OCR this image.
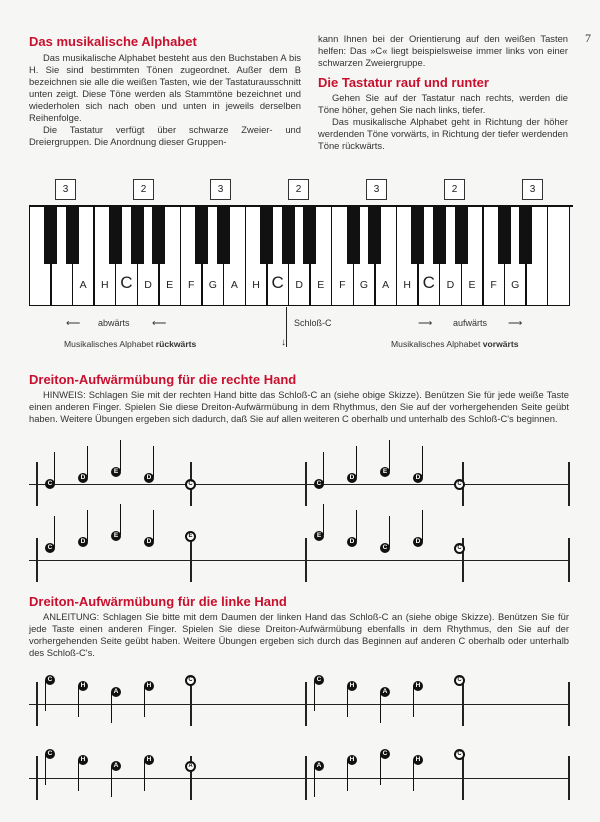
7
Das musikalische Alphabet

Das musikalische Alphabet besteht aus den Buchstaben A bis H. Sie sind bestimmten Tönen zugeordnet. Außer dem B bezeichnen sie alle die weißen Tasten, wie der Tastaturausschnitt unten zeigt. Diese Töne werden als Stammtöne bezeichnet und wiederholen sich nach oben und unten in jeweils derselben Reihenfolge.

Die Tastatur verfügt über schwarze Zweier- und Dreiergruppen. Die Anordnung dieser Gruppen-

kann Ihnen bei der Orientierung auf den weißen Tasten helfen: Das »C« liegt beispielsweise immer links von einer schwarzen Zweiergruppe.

Die Tastatur rauf und runter

Gehen Sie auf der Tastatur nach rechts, werden die Töne höher, gehen Sie nach links, tiefer.

Das musikalische Alphabet geht in Richtung der höher werdenden Töne vorwärts, in Richtung der tiefer werdenden Töne rückwärts.

3	2	3	2	3	2	3
A	H C	D	E	F	G	A	H C	D	E	F	G	A	H C	D	E	F	G
⟵ abwärts ⟵
↓
Schloß-C	⟶ aufwärts ⟶
Musikalisches Alphabet rückwärts	Musikalisches Alphabet vorwärts
Dreiton-Aufwärmübung für die rechte Hand

HINWEIS: Schlagen Sie mit der rechten Hand bitte das Schloß-C an (siehe obige Skizze). Benützen Sie für jede weiße Taste einen anderen Finger. Spielen Sie diese Dreiton-Aufwärmübung in dem Rhythmus, den Sie auf der vorhergehenden Seite geübt haben. Weitere Übungen ergeben sich dadurch, daß Sie auf allen weiteren C oberhalb und unterhalb des Schloß-C's beginnen.

Dreiton-Aufwärmübung für die linke Hand

ANLEITUNG: Schlagen Sie bitte mit dem Daumen der linken Hand das Schloß-C an (siehe obige Skizze). Benützen Sie für jede Taste einen anderen Finger. Spielen Sie diese Dreiton-Aufwärmübung ebenfalls in dem Rhythmus, den Sie auf der vorhergehenden Seite geübt haben. Weitere Übungen ergeben sich durch das Beginnen auf anderen C oberhalb oder unterhalb des Schloß-C's.

C
D
E
D
C	C
D
E
D
C
C
D
E
D
E	E
D
C
D
C
C
H
A
H
C	C
H
A
H
C
C
H
A
H
A	A
H
C
H
C
